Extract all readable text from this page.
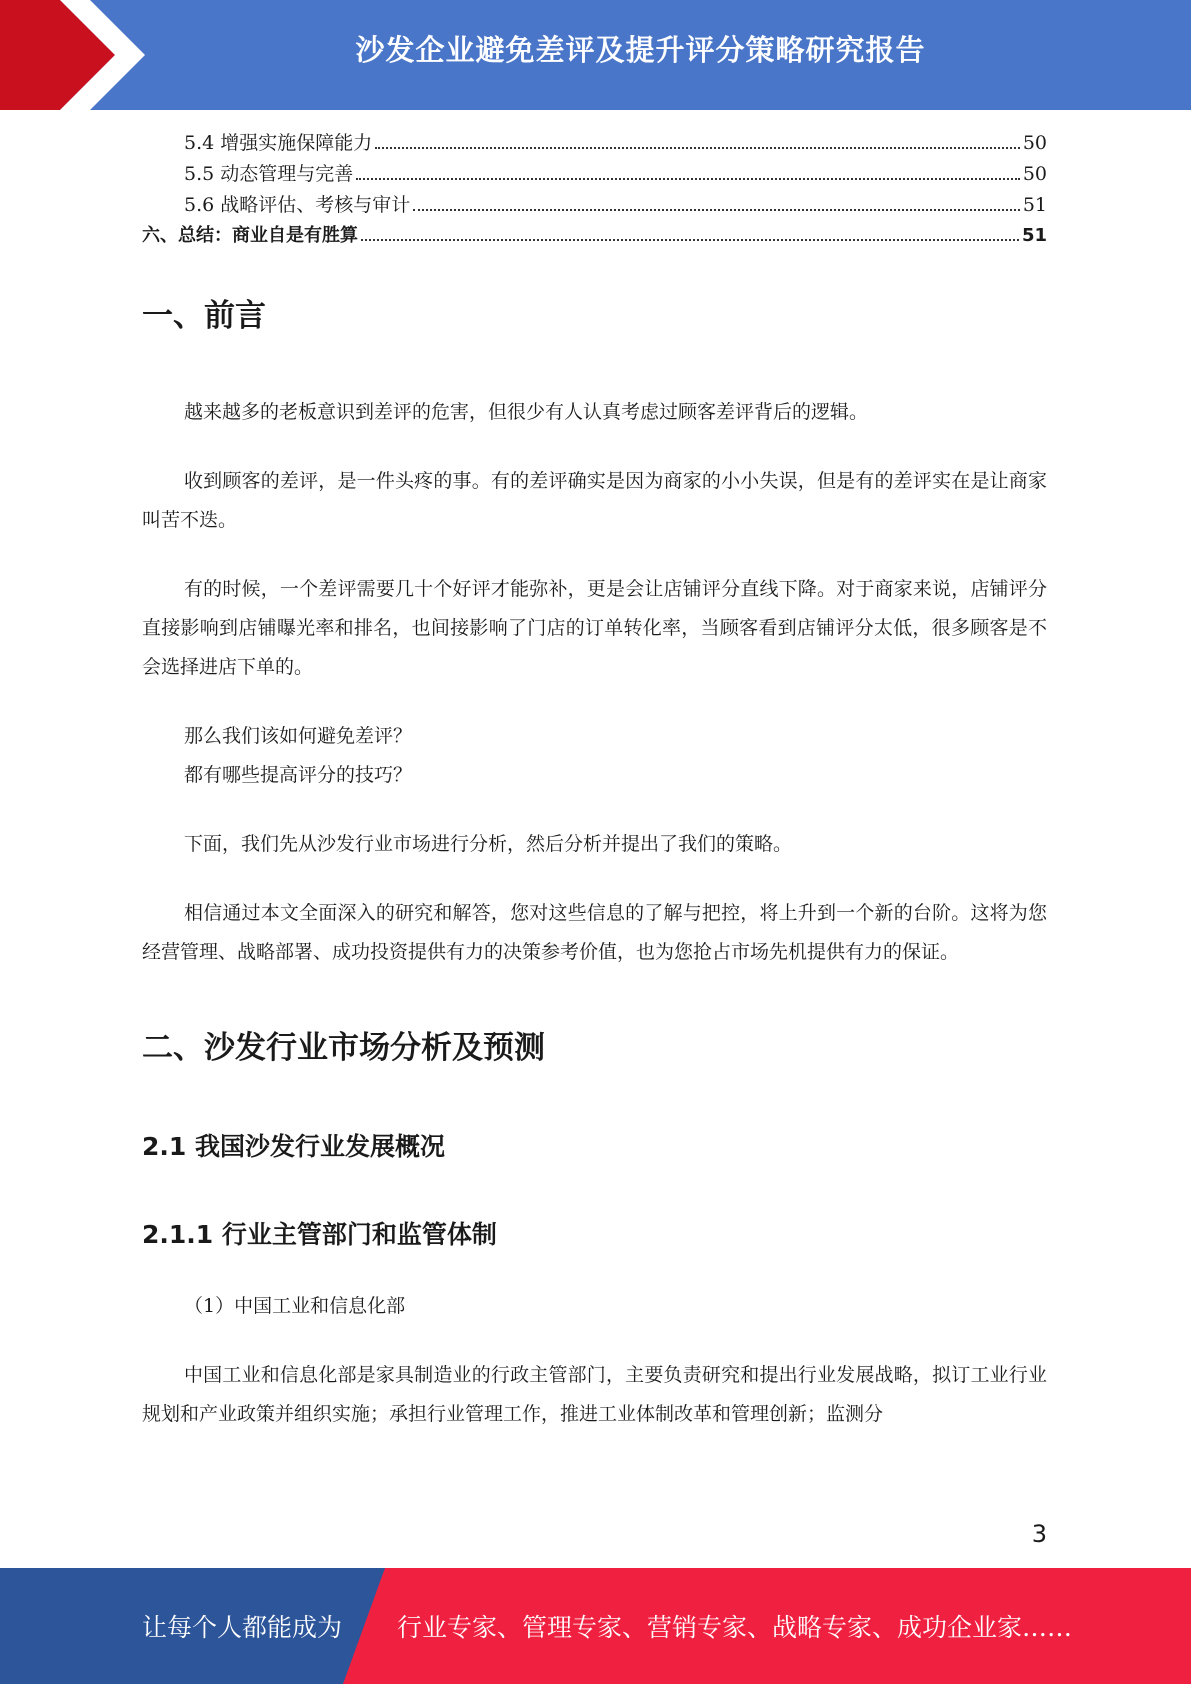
沙发企业避免差评及提升评分策略研究报告
5.4 增强实施保障能力	50
5.5 动态管理与完善	50
5.6 战略评估、考核与审计	51
六、总结：商业自是有胜算	51
一、前言

越来越多的老板意识到差评的危害，但很少有人认真考虑过顾客差评背后的逻辑。

收到顾客的差评，是一件头疼的事。有的差评确实是因为商家的小小失误，但是有的差评实在是让商家叫苦不迭。

有的时候，一个差评需要几十个好评才能弥补，更是会让店铺评分直线下降。对于商家来说，店铺评分直接影响到店铺曝光率和排名，也间接影响了门店的订单转化率，当顾客看到店铺评分太低，很多顾客是不会选择进店下单的。

那么我们该如何避免差评？

都有哪些提高评分的技巧？

下面，我们先从沙发行业市场进行分析，然后分析并提出了我们的策略。

相信通过本文全面深入的研究和解答，您对这些信息的了解与把控，将上升到一个新的台阶。这将为您经营管理、战略部署、成功投资提供有力的决策参考价值，也为您抢占市场先机提供有力的保证。

二、沙发行业市场分析及预测
2.1 我国沙发行业发展概况
2.1.1 行业主管部门和监管体制

（1）中国工业和信息化部

中国工业和信息化部是家具制造业的行政主管部门，主要负责研究和提出行业发展战略，拟订工业行业规划和产业政策并组织实施；承担行业管理工作，推进工业体制改革和管理创新；监测分

3
让每个人都能成为 行业专家、管理专家、营销专家、战略专家、成功企业家……
